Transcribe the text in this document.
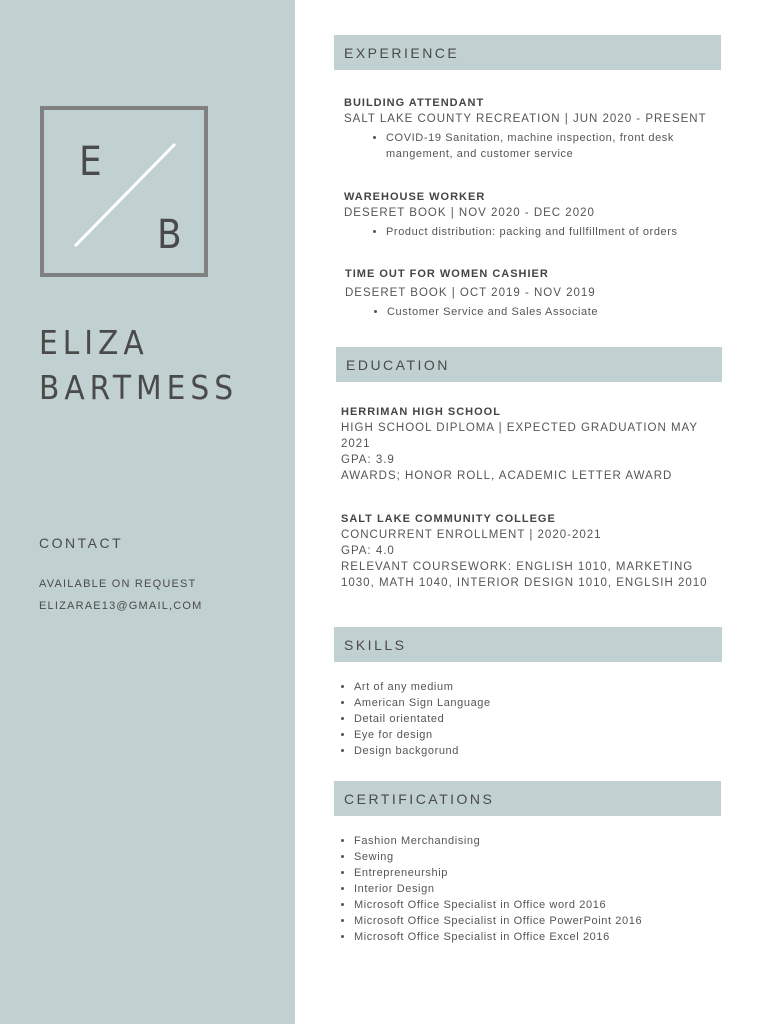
E
B
ELIZA
BARTMESS
CONTACT

AVAILABLE ON REQUEST

ELIZARAE13@GMAIL,COM

EXPERIENCE
BUILDING ATTENDANT
SALT LAKE COUNTY RECREATION | JUN 2020 - PRESENT
• COVID-19 Sanitation, machine inspection, front desk mangement, and customer service
WAREHOUSE WORKER
DESERET BOOK | NOV 2020 - DEC 2020
• Product distribution: packing and fullfillment of orders
TIME OUT FOR WOMEN CASHIER
DESERET BOOK | OCT 2019 - NOV 2019
• Customer Service and Sales Associate
EDUCATION
HERRIMAN HIGH SCHOOL
HIGH SCHOOL DIPLOMA | EXPECTED GRADUATION MAY 2021
GPA: 3.9
AWARDS; HONOR ROLL, ACADEMIC LETTER AWARD
SALT LAKE COMMUNITY COLLEGE
CONCURRENT ENROLLMENT | 2020-2021
GPA: 4.0
RELEVANT COURSEWORK: ENGLISH 1010, MARKETING 1030, MATH 1040, INTERIOR DESIGN 1010, ENGLSIH 2010
SKILLS
• Art of any medium
• American Sign Language
• Detail orientated
• Eye for design
• Design backgorund
CERTIFICATIONS
• Fashion Merchandising
• Sewing
• Entrepreneurship
• Interior Design
• Microsoft Office Specialist in Office word 2016
• Microsoft Office Specialist in Office PowerPoint 2016
• Microsoft Office Specialist in Office Excel 2016
